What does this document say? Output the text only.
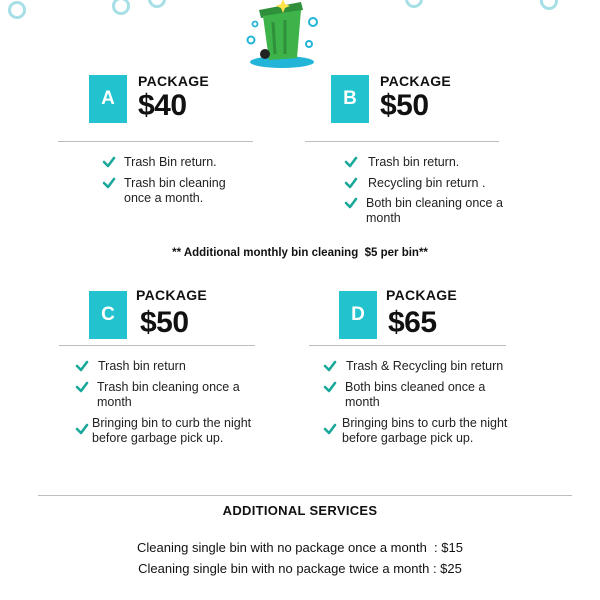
A
PACKAGE
$40
Trash Bin return.
Trash bin cleaning once a month.
B
PACKAGE
$50
Trash bin return.
Recycling bin return .
Both bin cleaning once a month
** Additional monthly bin cleaning  $5 per bin**
C
PACKAGE
$50
Trash bin return
Trash bin cleaning once a month
Bringing bin to curb the night before garbage pick up.
D
PACKAGE
$65
Trash & Recycling bin return
Both bins cleaned once a month
Bringing bins to curb the night before garbage pick up.
ADDITIONAL SERVICES
Cleaning single bin with no package once a month  : $15
Cleaning single bin with no package twice a month : $25
